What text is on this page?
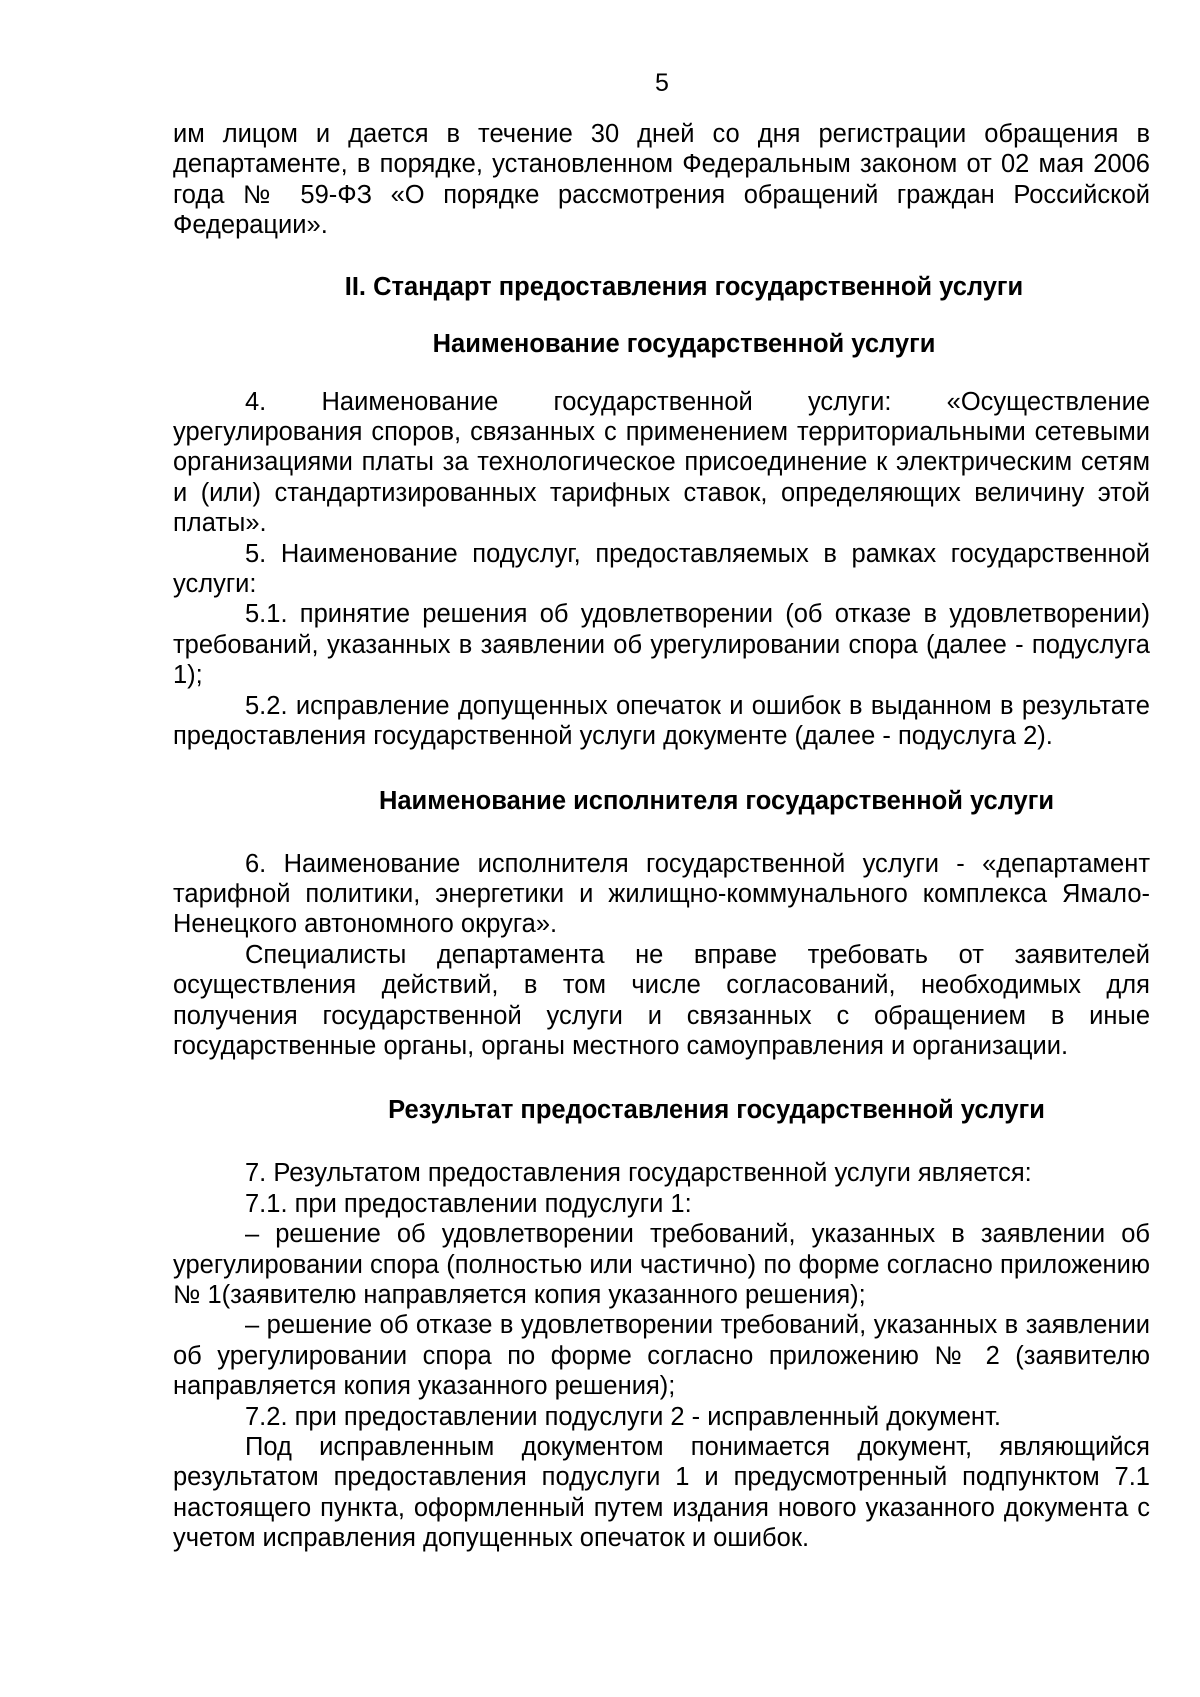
5

им лицом и дается в течение 30 дней со дня регистрации обращения в департаменте, в порядке, установленном Федеральным законом от 02 мая 2006 года № 59-ФЗ «О порядке рассмотрения обращений граждан Российской Федерации».

II. Стандарт предоставления государственной услуги
Наименование государственной услуги

4. Наименование государственной услуги: «Осуществление урегулирования споров, связанных с применением территориальными сетевыми организациями платы за технологическое присоединение к электрическим сетям и (или) стандартизированных тарифных ставок, определяющих величину этой платы».

5. Наименование подуслуг, предоставляемых в рамках государственной услуги:

5.1. принятие решения об удовлетворении (об отказе в удовлетворении) требований, указанных в заявлении об урегулировании спора (далее - подуслуга 1);

5.2. исправление допущенных опечаток и ошибок в выданном в результате предоставления государственной услуги документе (далее - подуслуга 2).

Наименование исполнителя государственной услуги

6. Наименование исполнителя государственной услуги - «департамент тарифной политики, энергетики и жилищно-коммунального комплекса Ямало-Ненецкого автономного округа».

Специалисты департамента не вправе требовать от заявителей осуществления действий, в том числе согласований, необходимых для получения государственной услуги и связанных с обращением в иные государственные органы, органы местного самоуправления и организации.

Результат предоставления государственной услуги

7. Результатом предоставления государственной услуги является:

7.1. при предоставлении подуслуги 1:

– решение об удовлетворении требований, указанных в заявлении об урегулировании спора (полностью или частично) по форме согласно приложению № 1(заявителю направляется копия указанного решения);

– решение об отказе в удовлетворении требований, указанных в заявлении об урегулировании спора по форме согласно приложению № 2 (заявителю направляется копия указанного решения);

7.2. при предоставлении подуслуги 2 - исправленный документ.

Под исправленным документом понимается документ, являющийся результатом предоставления подуслуги 1 и предусмотренный подпунктом 7.1 настоящего пункта, оформленный путем издания нового указанного документа с учетом исправления допущенных опечаток и ошибок.
